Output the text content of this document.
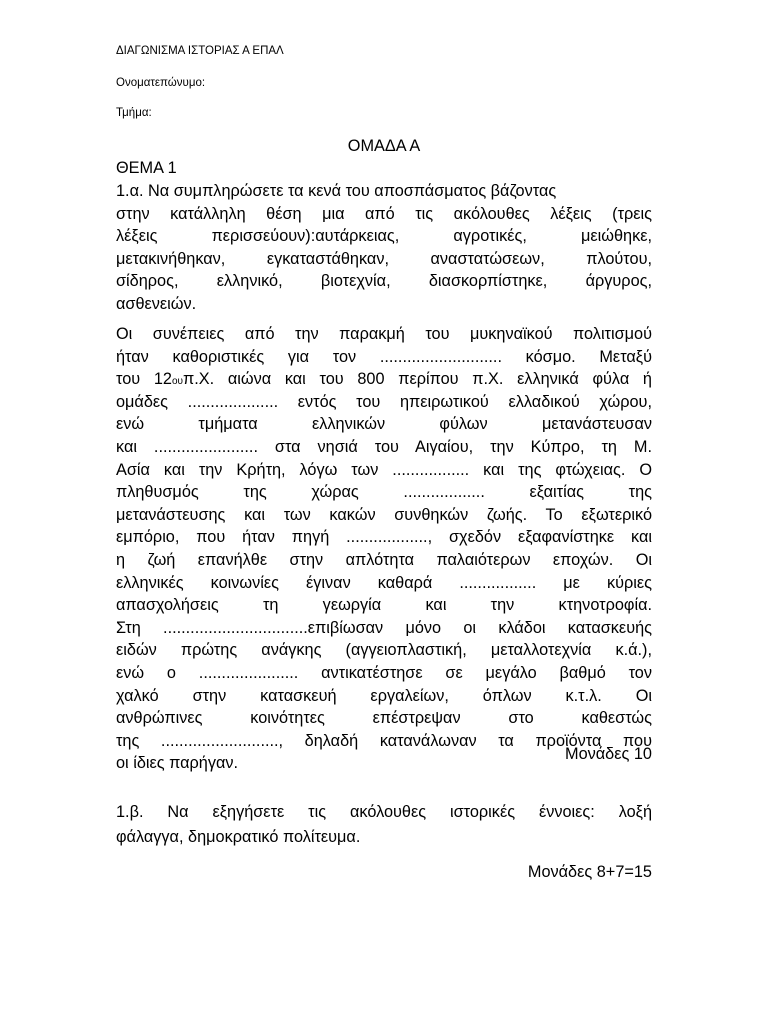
ΔΙΑΓΩΝΙΣΜΑ ΙΣΤΟΡΙΑΣ Α ΕΠΑΛ
Ονοματεπώνυμο:
Τμήμα:
ΟΜΑΔΑ Α
ΘΕΜΑ 1
1.α. Να συμπληρώσετε τα κενά του αποσπάσματος βάζοντας
στην κατάλληλη θέση μια από τις ακόλουθες λέξεις (τρεις
λέξεις περισσεύουν):αυτάρκειας, αγροτικές, μειώθηκε,
μετακινήθηκαν, εγκαταστάθηκαν, αναστατώσεων, πλούτου,
σίδηρος, ελληνικό, βιοτεχνία, διασκορπίστηκε, άργυρος,
ασθενειών.
Οι συνέπειες από την παρακμή του μυκηναϊκού πολιτισμού
ήταν καθοριστικές για τον ........................... κόσμο. Μεταξύ
του 12ουπ.Χ. αιώνα και του 800 περίπου π.Χ. ελληνικά φύλα ή
ομάδες .................... εντός του ηπειρωτικού ελλαδικού χώρου,
ενώ τμήματα ελληνικών φύλων μετανάστευσαν
και ....................... στα νησιά του Αιγαίου, την Κύπρο, τη Μ.
Ασία και την Κρήτη, λόγω των ................. και της φτώχειας. Ο
πληθυσμός της χώρας .................. εξαιτίας της
μετανάστευσης και των κακών συνθηκών ζωής. Το εξωτερικό
εμπόριο, που ήταν πηγή .................., σχεδόν εξαφανίστηκε και
η ζωή επανήλθε στην απλότητα παλαιότερων εποχών. Οι
ελληνικές κοινωνίες έγιναν καθαρά ................. με κύριες
απασχολήσεις τη γεωργία και την κτηνοτροφία.
Στη ................................επιβίωσαν μόνο οι κλάδοι κατασκευής
ειδών πρώτης ανάγκης (αγγειοπλαστική, μεταλλοτεχνία κ.ά.),
ενώ ο ...................... αντικατέστησε σε μεγάλο βαθμό τον
χαλκό στην κατασκευή εργαλείων, όπλων κ.τ.λ. Οι
ανθρώπινες κοινότητες επέστρεψαν στο καθεστώς
της .........................., δηλαδή κατανάλωναν τα προϊόντα που
οι ίδιες παρήγαν.
Μονάδες 10
1.β. Να εξηγήσετε τις ακόλουθες ιστορικές έννοιες: λοξή
φάλαγγα, δημοκρατικό πολίτευμα.
Μονάδες 8+7=15
